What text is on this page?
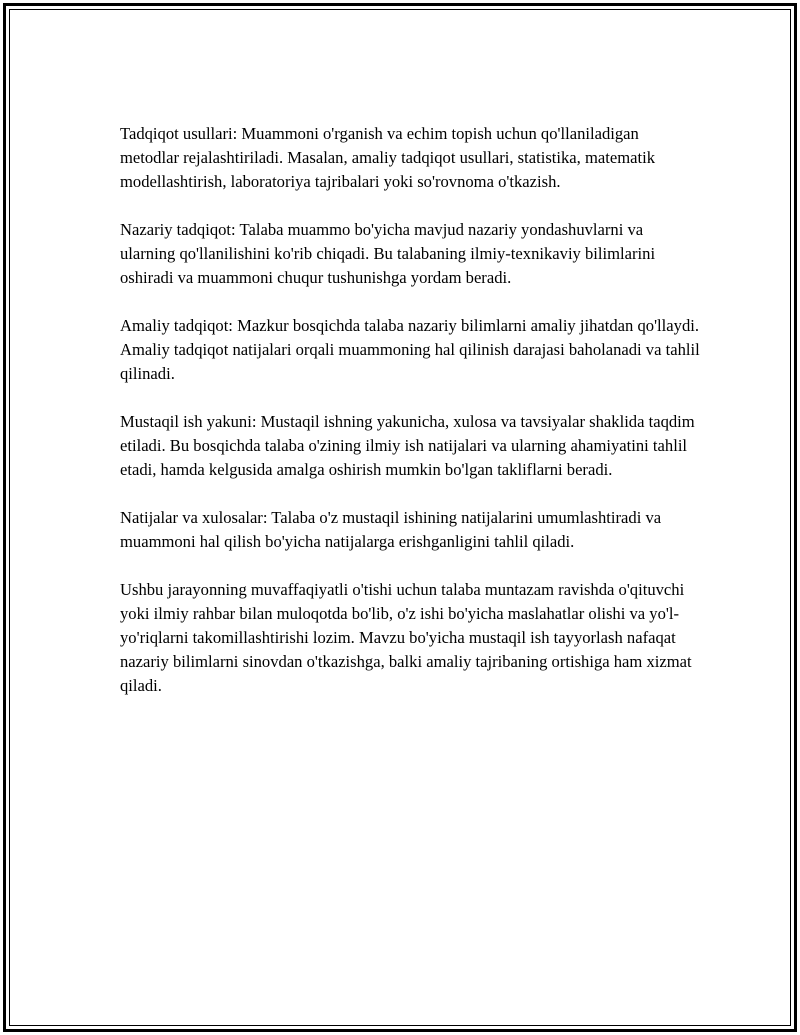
Tadqiqot usullari: Muammoni o'rganish va echim topish uchun qo'llaniladigan metodlar rejalashtiriladi. Masalan, amaliy tadqiqot usullari, statistika, matematik modellashtirish, laboratoriya tajribalari yoki so'rovnoma o'tkazish.

Nazariy tadqiqot: Talaba muammo bo'yicha mavjud nazariy yondashuvlarni va ularning qo'llanilishini ko'rib chiqadi. Bu talabaning ilmiy-texnikaviy bilimlarini oshiradi va muammoni chuqur tushunishga yordam beradi.

Amaliy tadqiqot: Mazkur bosqichda talaba nazariy bilimlarni amaliy jihatdan qo'llaydi. Amaliy tadqiqot natijalari orqali muammoning hal qilinish darajasi baholanadi va tahlil qilinadi.

Mustaqil ish yakuni: Mustaqil ishning yakunicha, xulosa va tavsiyalar shaklida taqdim etiladi. Bu bosqichda talaba o'zining ilmiy ish natijalari va ularning ahamiyatini tahlil etadi, hamda kelgusida amalga oshirish mumkin bo'lgan takliflarni beradi.

Natijalar va xulosalar: Talaba o'z mustaqil ishining natijalarini umumlashtiradi va muammoni hal qilish bo'yicha natijalarga erishganligini tahlil qiladi.

Ushbu jarayonning muvaffaqiyatli o'tishi uchun talaba muntazam ravishda o'qituvchi yoki ilmiy rahbar bilan muloqotda bo'lib, o'z ishi bo'yicha maslahatlar olishi va yo'l-yo'riqlarni takomillashtirishi lozim. Mavzu bo'yicha mustaqil ish tayyorlash nafaqat nazariy bilimlarni sinovdan o'tkazishga, balki amaliy tajribaning ortishiga ham xizmat qiladi.
